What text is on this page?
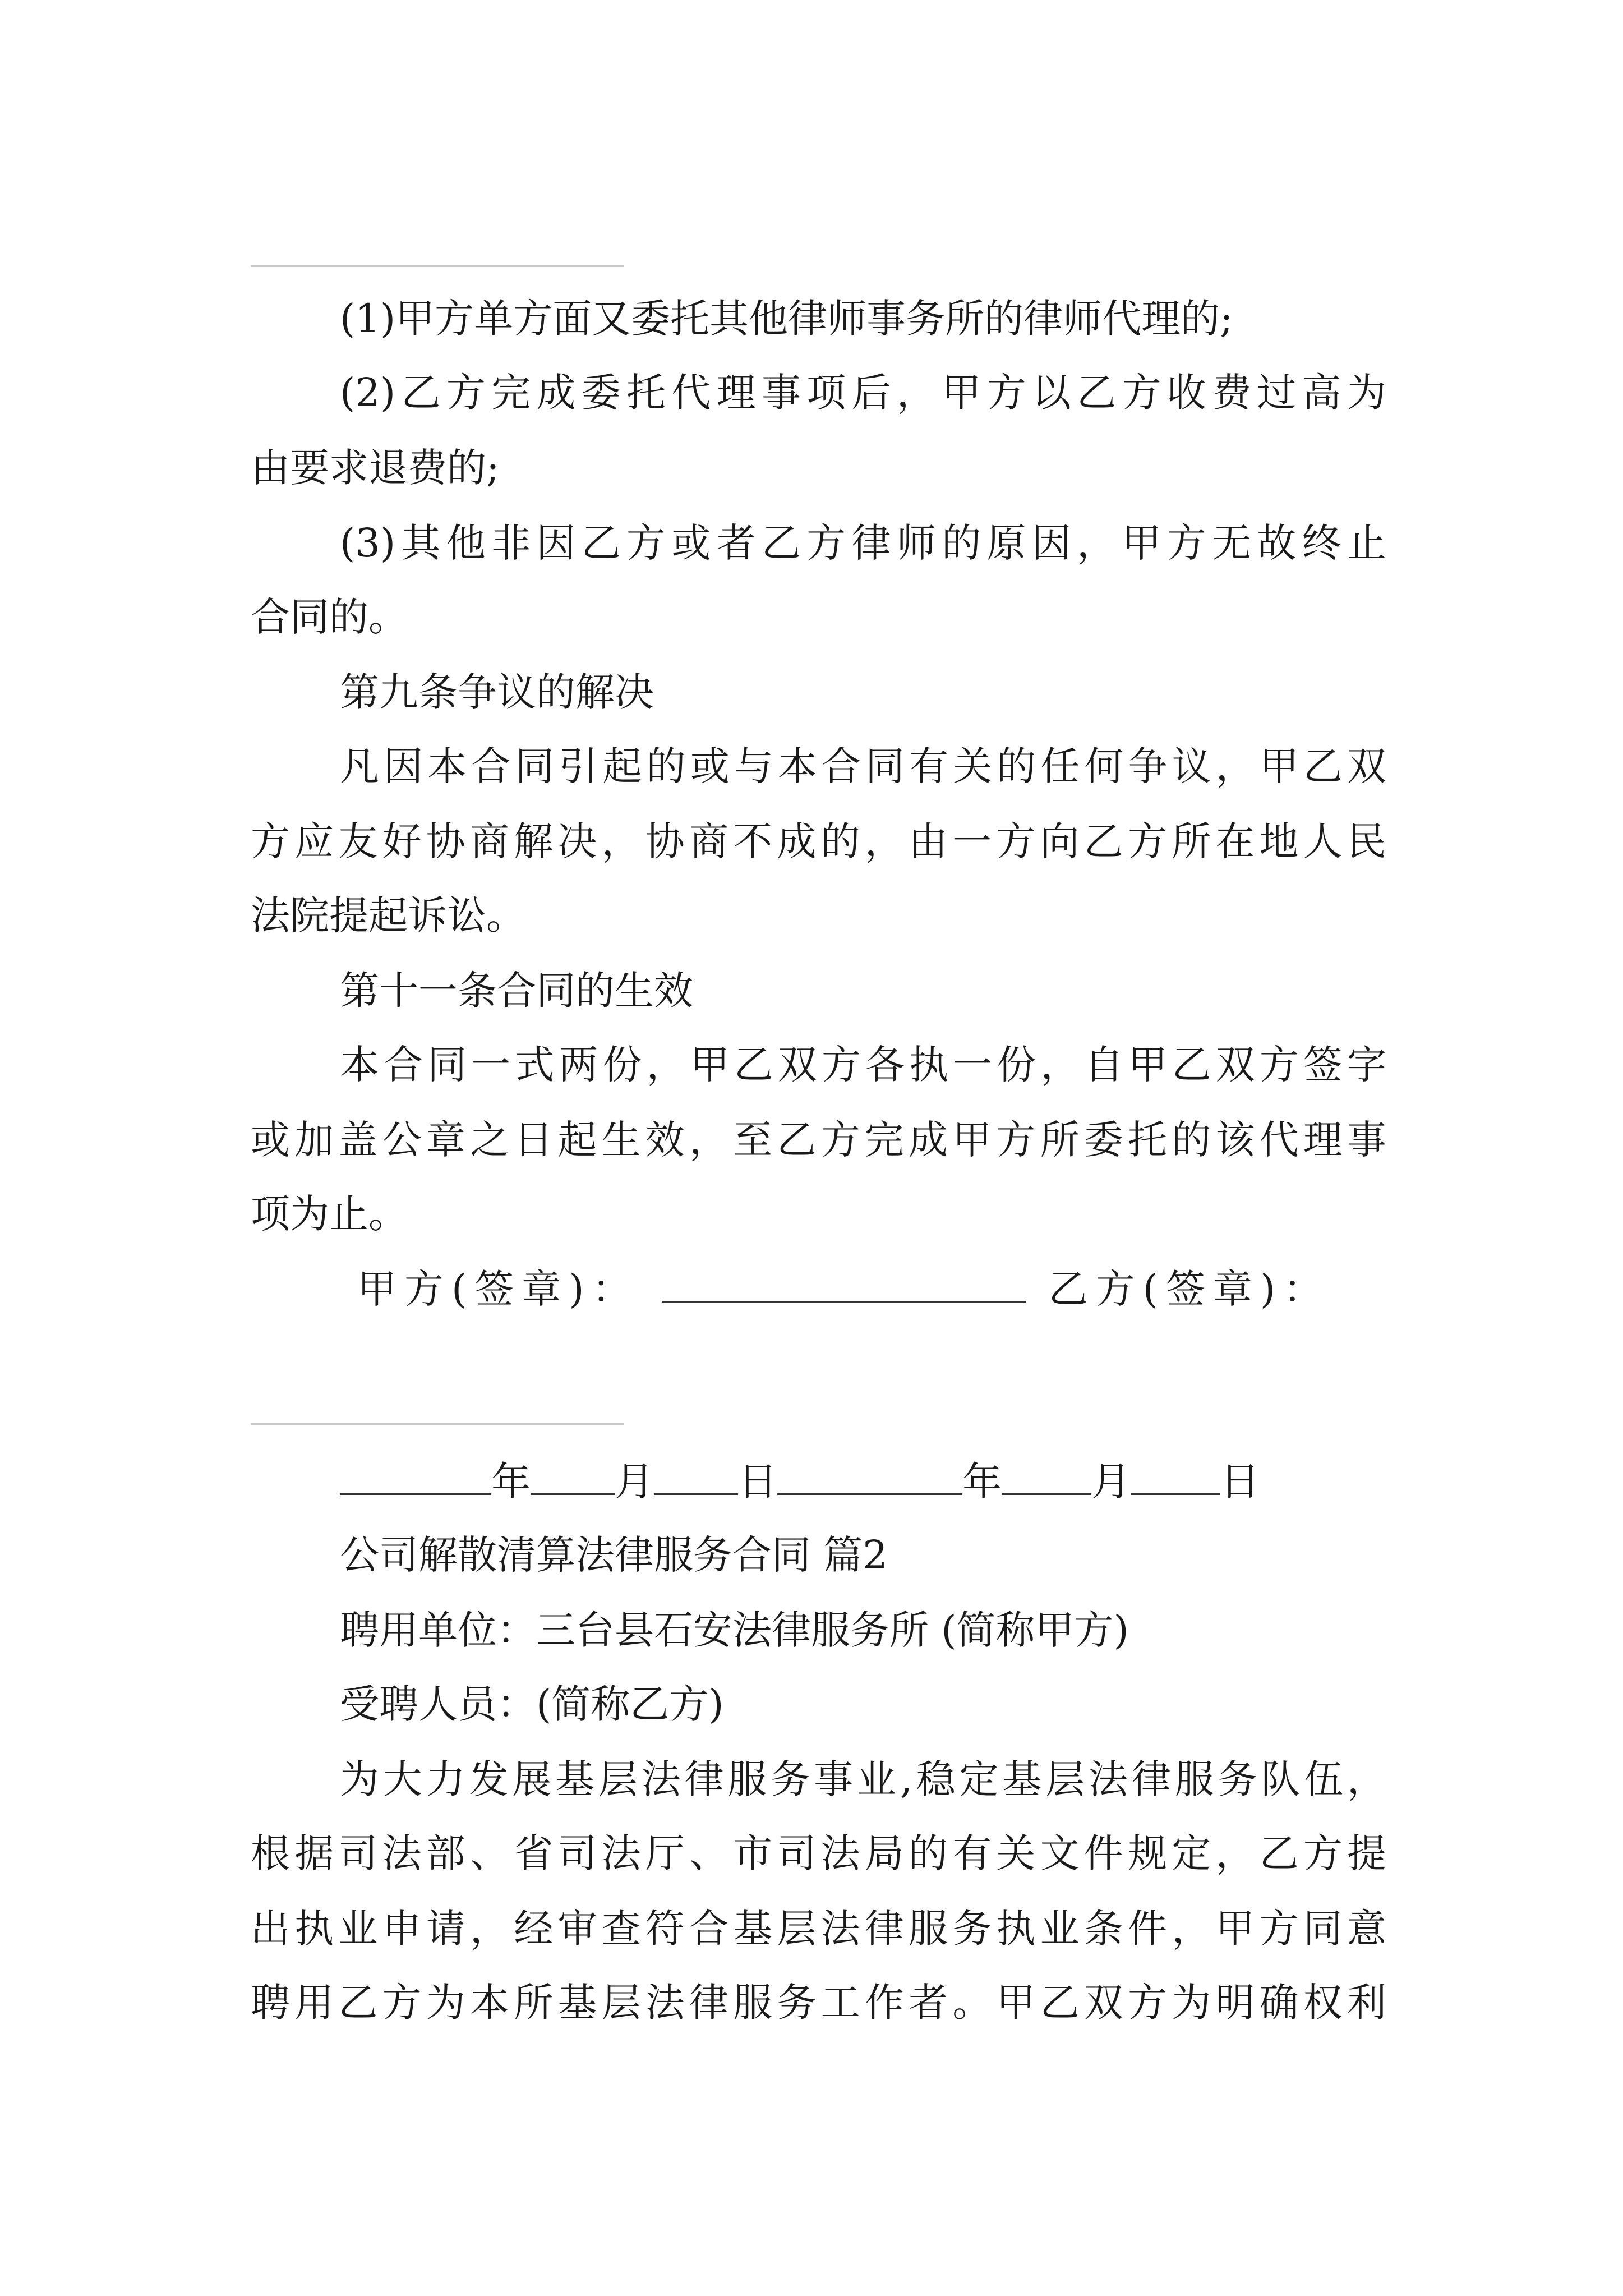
(1)甲方单方面又委托其他律师事务所的律师代理的;
(2)乙方完成委托代理事项后，甲方以乙方收费过高为
由要求退费的;
(3)其他非因乙方或者乙方律师的原因，甲方无故终止
合同的。
第九条争议的解决
凡因本合同引起的或与本合同有关的任何争议，甲乙双
方应友好协商解决，协商不成的，由一方向乙方所在地人民
法院提起诉讼。
第十一条合同的生效
本合同一式两份，甲乙双方各执一份，自甲乙双方签字
或加盖公章之日起生效，至乙方完成甲方所委托的该代理事
项为止。
甲方(签章)：	乙方(签章)：
年 月 日	年 月 日
公司解散清算法律服务合同 篇2
聘用单位：三台县石安法律服务所 (简称甲方)
受聘人员：(简称乙方)
为大力发展基层法律服务事业,稳定基层法律服务队伍，
根据司法部、省司法厅、市司法局的有关文件规定，乙方提
出执业申请，经审查符合基层法律服务执业条件，甲方同意
聘用乙方为本所基层法律服务工作者。甲乙双方为明确权利
